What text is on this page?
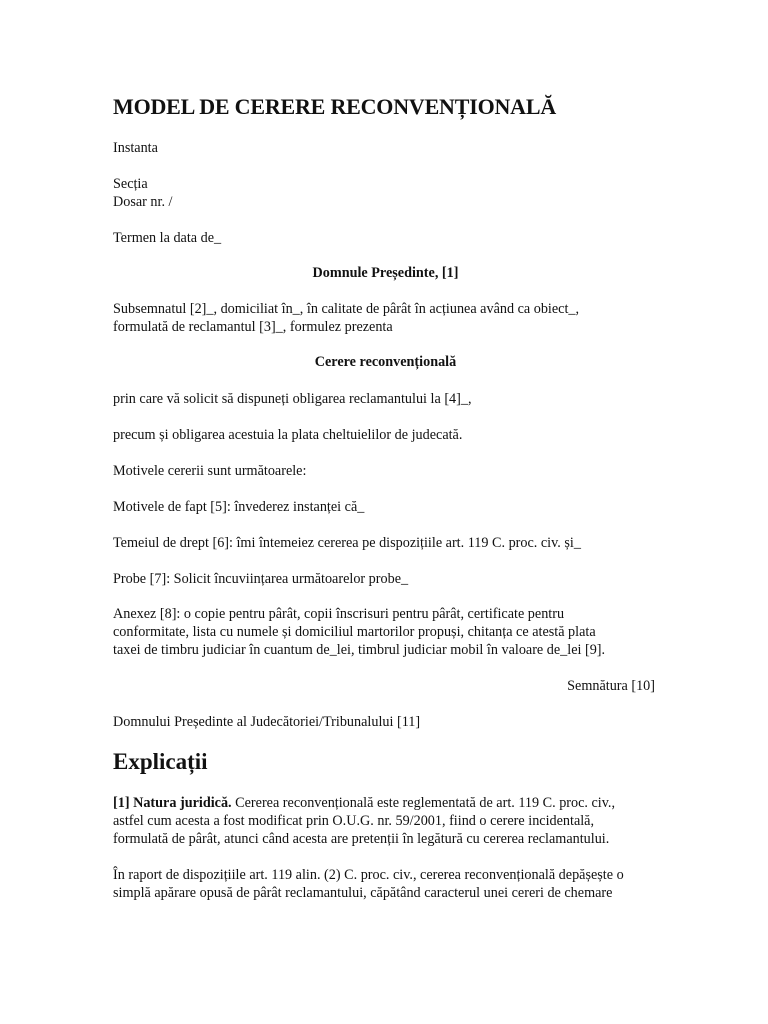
MODEL DE CERERE RECONVENȚIONALĂ
Instanta
Secția
Dosar nr. /
Termen la data de_
Domnule Președinte, [1]
Subsemnatul [2]_, domiciliat în_, în calitate de pârât în acțiunea având ca obiect_,
formulată de reclamantul [3]_, formulez prezenta
Cerere reconvențională
prin care vă solicit să dispuneți obligarea reclamantului la [4]_,
precum și obligarea acestuia la plata cheltuielilor de judecată.
Motivele cererii sunt următoarele:
Motivele de fapt [5]: învederez instanței că_
Temeiul de drept [6]: îmi întemeiez cererea pe dispozițiile art. 119 C. proc. civ. și_
Probe [7]: Solicit încuviințarea următoarelor probe_
Anexez [8]: o copie pentru pârât, copii înscrisuri pentru pârât, certificate pentru
conformitate, lista cu numele și domiciliul martorilor propuși, chitanța ce atestă plata
taxei de timbru judiciar în cuantum de_lei, timbrul judiciar mobil în valoare de_lei [9].
Semnătura [10]
Domnului Președinte al Judecătoriei/Tribunalului [11]
Explicații
[1] Natura juridică. Cererea reconvențională este reglementată de art. 119 C. proc. civ.,
astfel cum acesta a fost modificat prin O.U.G. nr. 59/2001, fiind o cerere incidentală,
formulată de pârât, atunci când acesta are pretenții în legătură cu cererea reclamantului.
În raport de dispozițiile art. 119 alin. (2) C. proc. civ., cererea reconvențională depășește o
simplă apărare opusă de pârât reclamantului, căpătând caracterul unei cereri de chemare
